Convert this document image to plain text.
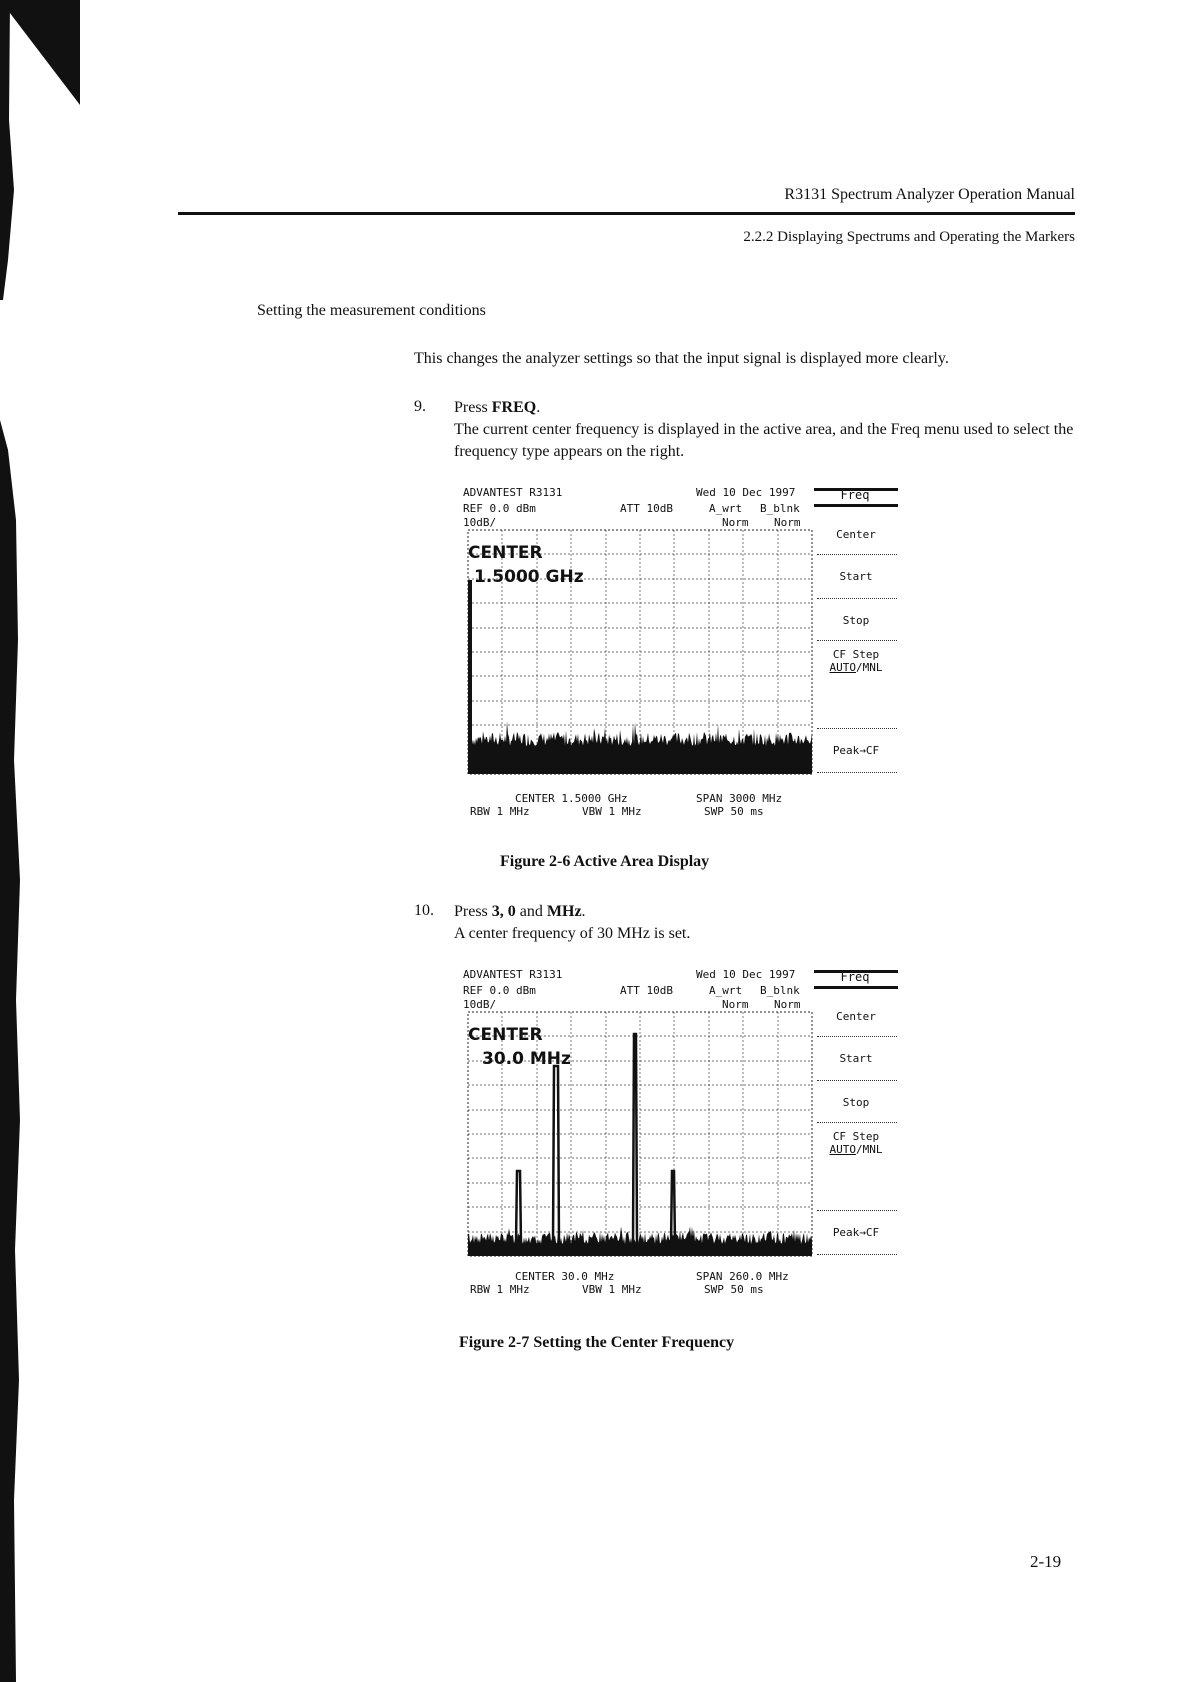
R3131 Spectrum Analyzer Operation Manual
2.2.2 Displaying Spectrums and Operating the Markers
Setting the measurement conditions
This changes the analyzer settings so that the input signal is displayed more clearly.
9. Press FREQ.
The current center frequency is displayed in the active area, and the Freq menu used to select the frequency type appears on the right.
ADVANTEST R3131	Wed 10 Dec 1997
REF 0.0 dBm	ATT 10dB	A_wrt B_blnk
10dB/	Norm Norm
CENTER
1.5000 GHz
Freq
Center
Start
Stop
CF Step
AUTO/MNL
Peak→CF
CENTER 1.5000 GHz	SPAN 3000 MHz
RBW 1 MHz	VBW 1 MHz	SWP 50 ms
Figure 2-6 Active Area Display
10. Press 3, 0 and MHz.
A center frequency of 30 MHz is set.
ADVANTEST R3131	Wed 10 Dec 1997
REF 0.0 dBm	ATT 10dB	A_wrt B_blnk
10dB/	Norm Norm
CENTER
30.0 MHz
Freq
Center
Start
Stop
CF Step
AUTO/MNL
Peak→CF
CENTER 30.0 MHz	SPAN 260.0 MHz
RBW 1 MHz	VBW 1 MHz	SWP 50 ms
Figure 2-7 Setting the Center Frequency
2-19
